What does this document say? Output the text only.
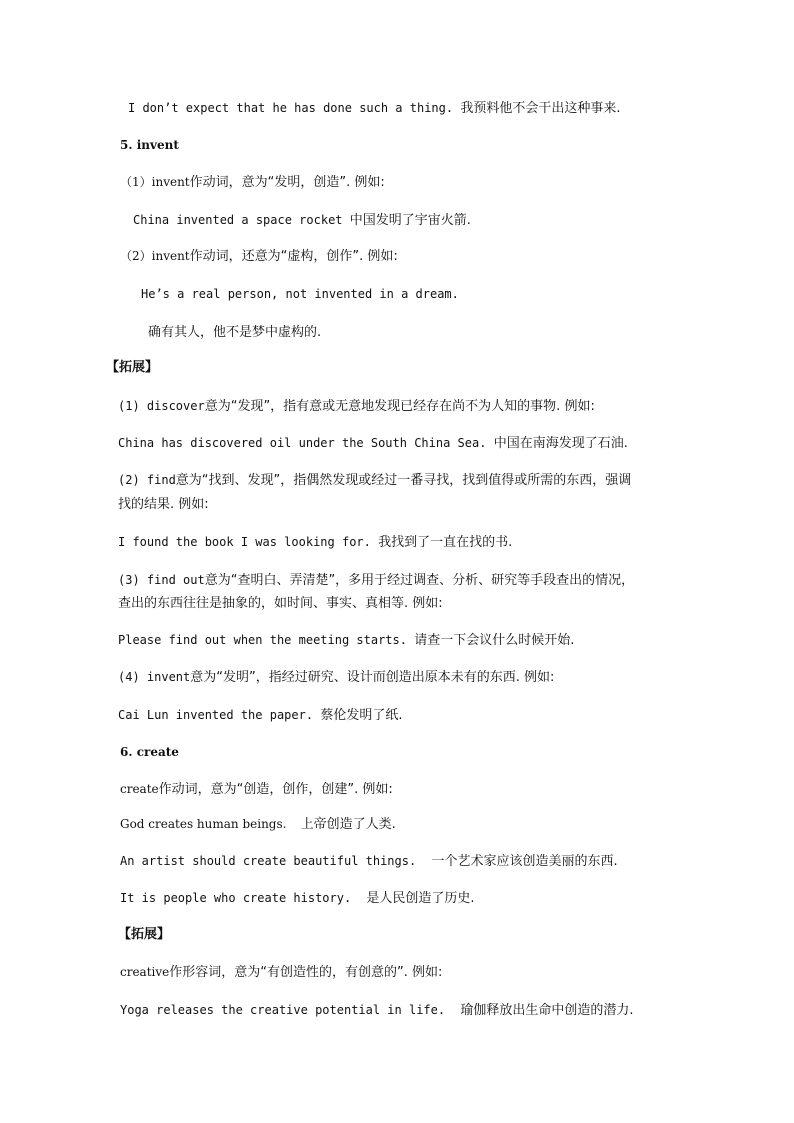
I don’t expect that he has done such a thing. 我预料他不会干出这种事来.
5. invent
（1）invent作动词，意为“发明，创造”. 例如:
China invented a space rocket 中国发明了宇宙火箭.
（2）invent作动词，还意为“虚构，创作”. 例如:
He’s a real person, not invented in a dream.
确有其人，他不是梦中虚构的.
【拓展】
(1) discover意为“发现”，指有意或无意地发现已经存在尚不为人知的事物. 例如:
China has discovered oil under the South China Sea. 中国在南海发现了石油.
(2) find意为“找到、发现”，指偶然发现或经过一番寻找，找到值得或所需的东西，强调
找的结果. 例如:
I found the book I was looking for. 我找到了一直在找的书.
(3) find out意为“查明白、弄清楚”，多用于经过调查、分析、研究等手段查出的情况，
查出的东西往往是抽象的，如时间、事实、真相等. 例如:
Please find out when the meeting starts. 请查一下会议什么时候开始.
(4) invent意为“发明”，指经过研究、设计而创造出原本未有的东西. 例如:
Cai Lun invented the paper. 蔡伦发明了纸.
6. create
create作动词，意为“创造，创作，创建”. 例如:
God creates human beings. 上帝创造了人类.
An artist should create beautiful things. 一个艺术家应该创造美丽的东西.
It is people who create history. 是人民创造了历史.
【拓展】
creative作形容词，意为“有创造性的，有创意的”. 例如:
Yoga releases the creative potential in life. 瑜伽释放出生命中创造的潜力.
